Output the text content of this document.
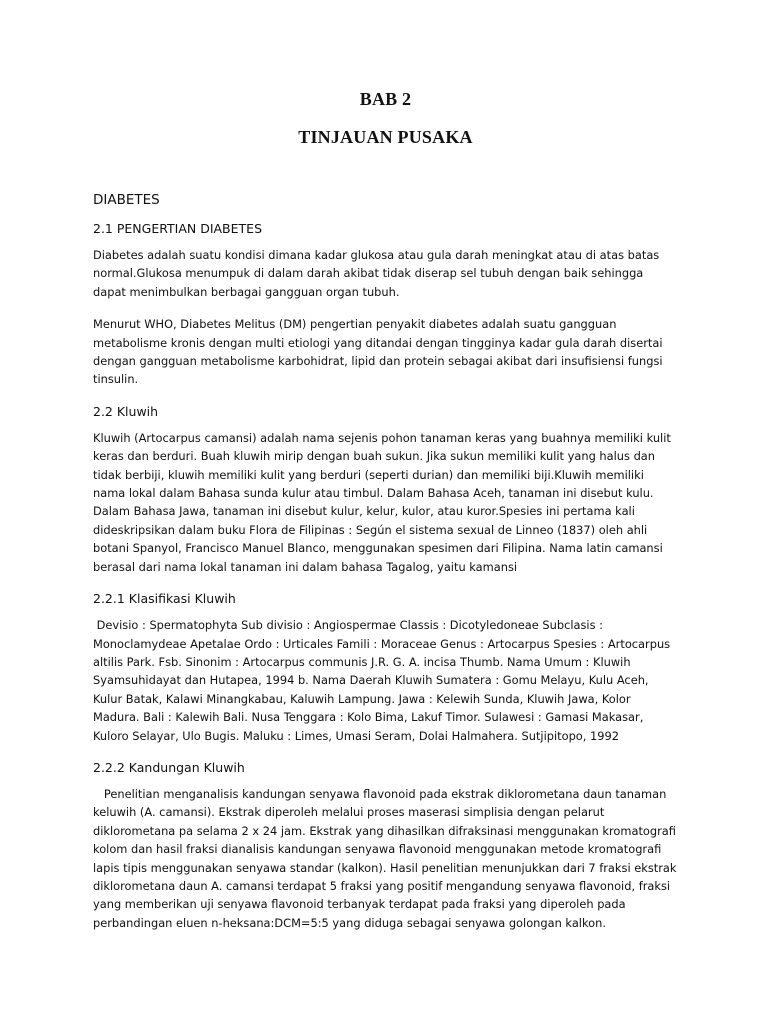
BAB 2
TINJAUAN PUSAKA
DIABETES
2.1 PENGERTIAN DIABETES

Diabetes adalah suatu kondisi dimana kadar glukosa atau gula darah meningkat atau di atas batas normal.Glukosa menumpuk di dalam darah akibat tidak diserap sel tubuh dengan baik sehingga dapat menimbulkan berbagai gangguan organ tubuh.

Menurut WHO, Diabetes Melitus (DM) pengertian penyakit diabetes adalah suatu gangguan metabolisme kronis dengan multi etiologi yang ditandai dengan tingginya kadar gula darah disertai dengan gangguan metabolisme karbohidrat, lipid dan protein sebagai akibat dari insufisiensi fungsi tinsulin.

2.2 Kluwih

Kluwih (Artocarpus camansi) adalah nama sejenis pohon tanaman keras yang buahnya memiliki kulit keras dan berduri. Buah kluwih mirip dengan buah sukun. Jika sukun memiliki kulit yang halus dan tidak berbiji, kluwih memiliki kulit yang berduri (seperti durian) dan memiliki biji.Kluwih memiliki nama lokal dalam Bahasa sunda kulur atau timbul. Dalam Bahasa Aceh, tanaman ini disebut kulu. Dalam Bahasa Jawa, tanaman ini disebut kulur, kelur, kulor, atau kuror.Spesies ini pertama kali dideskripsikan dalam buku Flora de Filipinas : Según el sistema sexual de Linneo (1837) oleh ahli botani Spanyol, Francisco Manuel Blanco, menggunakan spesimen dari Filipina. Nama latin camansi berasal dari nama lokal tanaman ini dalam bahasa Tagalog, yaitu kamansi

2.2.1 Klasifikasi Kluwih

Devisio : Spermatophyta Sub divisio : Angiospermae Classis : Dicotyledoneae Subclasis : Monoclamydeae Apetalae Ordo : Urticales Famili : Moraceae Genus : Artocarpus Spesies : Artocarpus altilis Park. Fsb. Sinonim : Artocarpus communis J.R. G. A. incisa Thumb. Nama Umum : Kluwih Syamsuhidayat dan Hutapea, 1994 b. Nama Daerah Kluwih Sumatera : Gomu Melayu, Kulu Aceh, Kulur Batak, Kalawi Minangkabau, Kaluwih Lampung. Jawa : Kelewih Sunda, Kluwih Jawa, Kolor Madura. Bali : Kalewih Bali. Nusa Tenggara : Kolo Bima, Lakuf Timor. Sulawesi : Gamasi Makasar, Kuloro Selayar, Ulo Bugis. Maluku : Limes, Umasi Seram, Dolai Halmahera. Sutjipitopo, 1992

2.2.2 Kandungan Kluwih

Penelitian menganalisis kandungan senyawa flavonoid pada ekstrak diklorometana daun tanaman keluwih (A. camansi). Ekstrak diperoleh melalui proses maserasi simplisia dengan pelarut diklorometana pa selama 2 x 24 jam. Ekstrak yang dihasilkan difraksinasi menggunakan kromatografi kolom dan hasil fraksi dianalisis kandungan senyawa flavonoid menggunakan metode kromatografi lapis tipis menggunakan senyawa standar (kalkon). Hasil penelitian menunjukkan dari 7 fraksi ekstrak diklorometana daun A. camansi terdapat 5 fraksi yang positif mengandung senyawa flavonoid, fraksi yang memberikan uji senyawa flavonoid terbanyak terdapat pada fraksi yang diperoleh pada perbandingan eluen n-heksana:DCM=5:5 yang diduga sebagai senyawa golongan kalkon.
